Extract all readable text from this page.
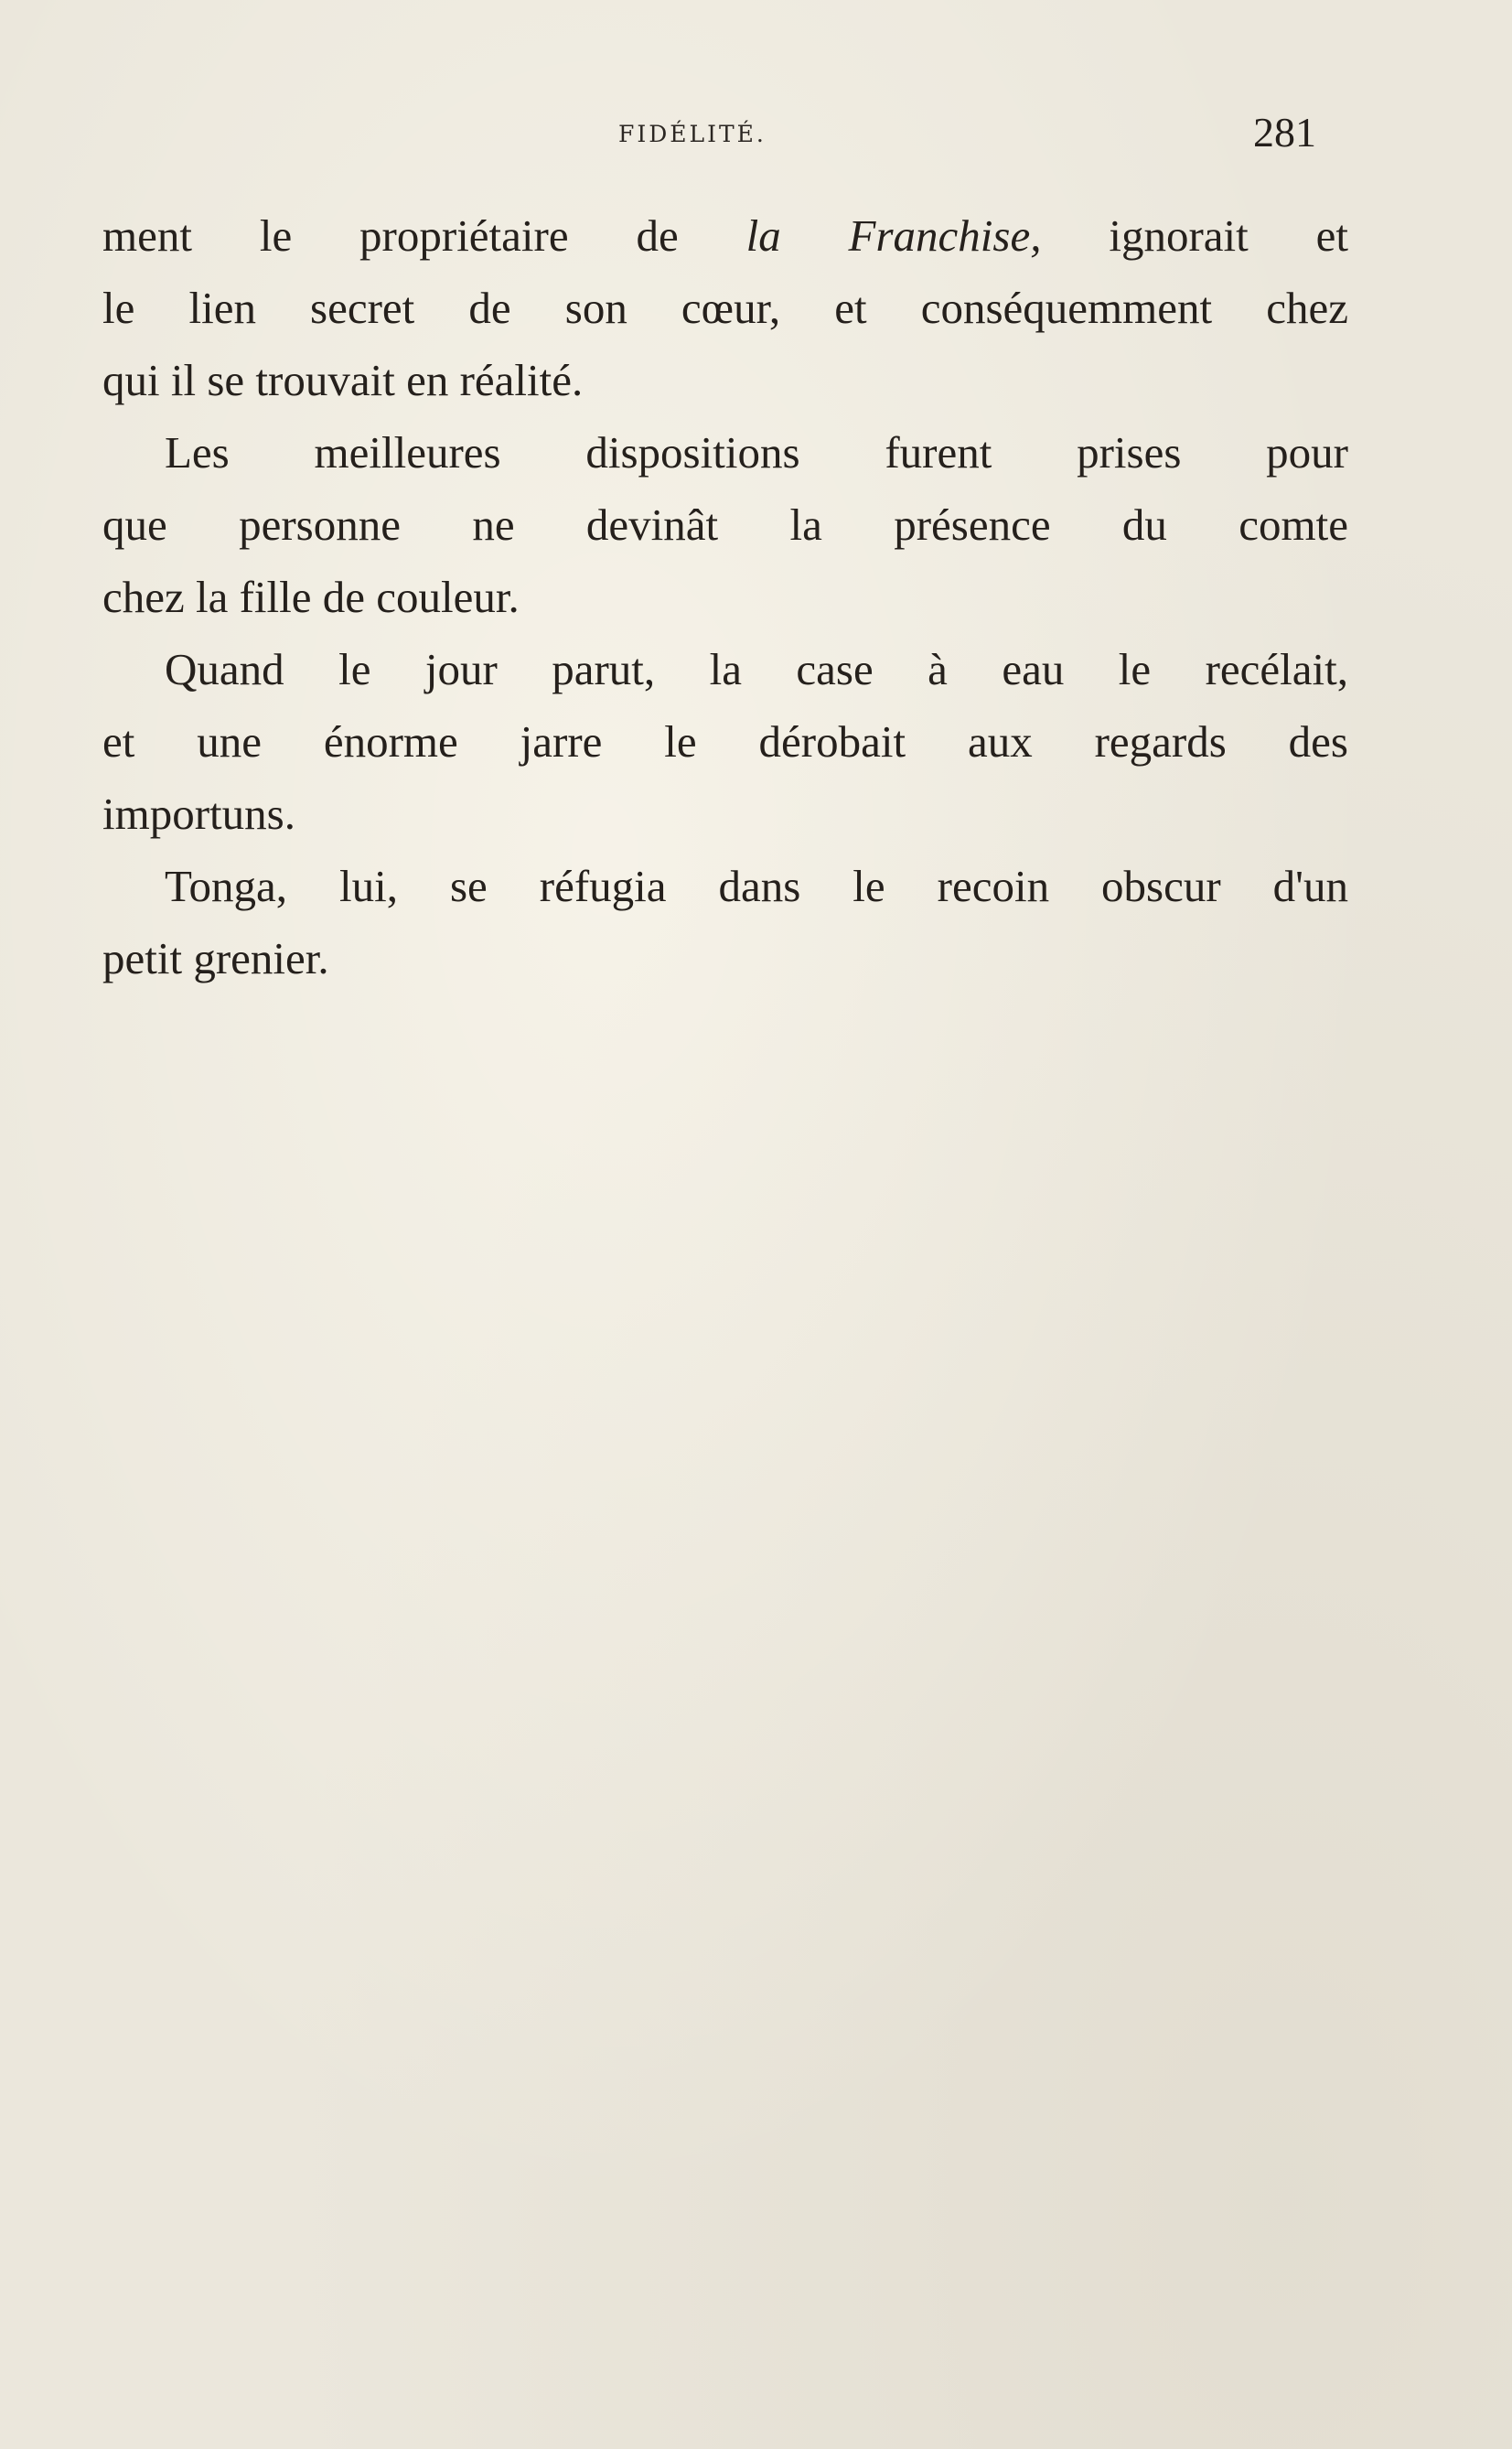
FIDÉLITÉ.	281
ment le propriétaire de la Franchise, ignorait et
le lien secret de son cœur, et conséquemment chez
qui il se trouvait en réalité.
Les meilleures dispositions furent prises pour
que personne ne devinât la présence du comte
chez la fille de couleur.
Quand le jour parut, la case à eau le recélait,
et une énorme jarre le dérobait aux regards des
importuns.
Tonga, lui, se réfugia dans le recoin obscur d'un
petit grenier.
